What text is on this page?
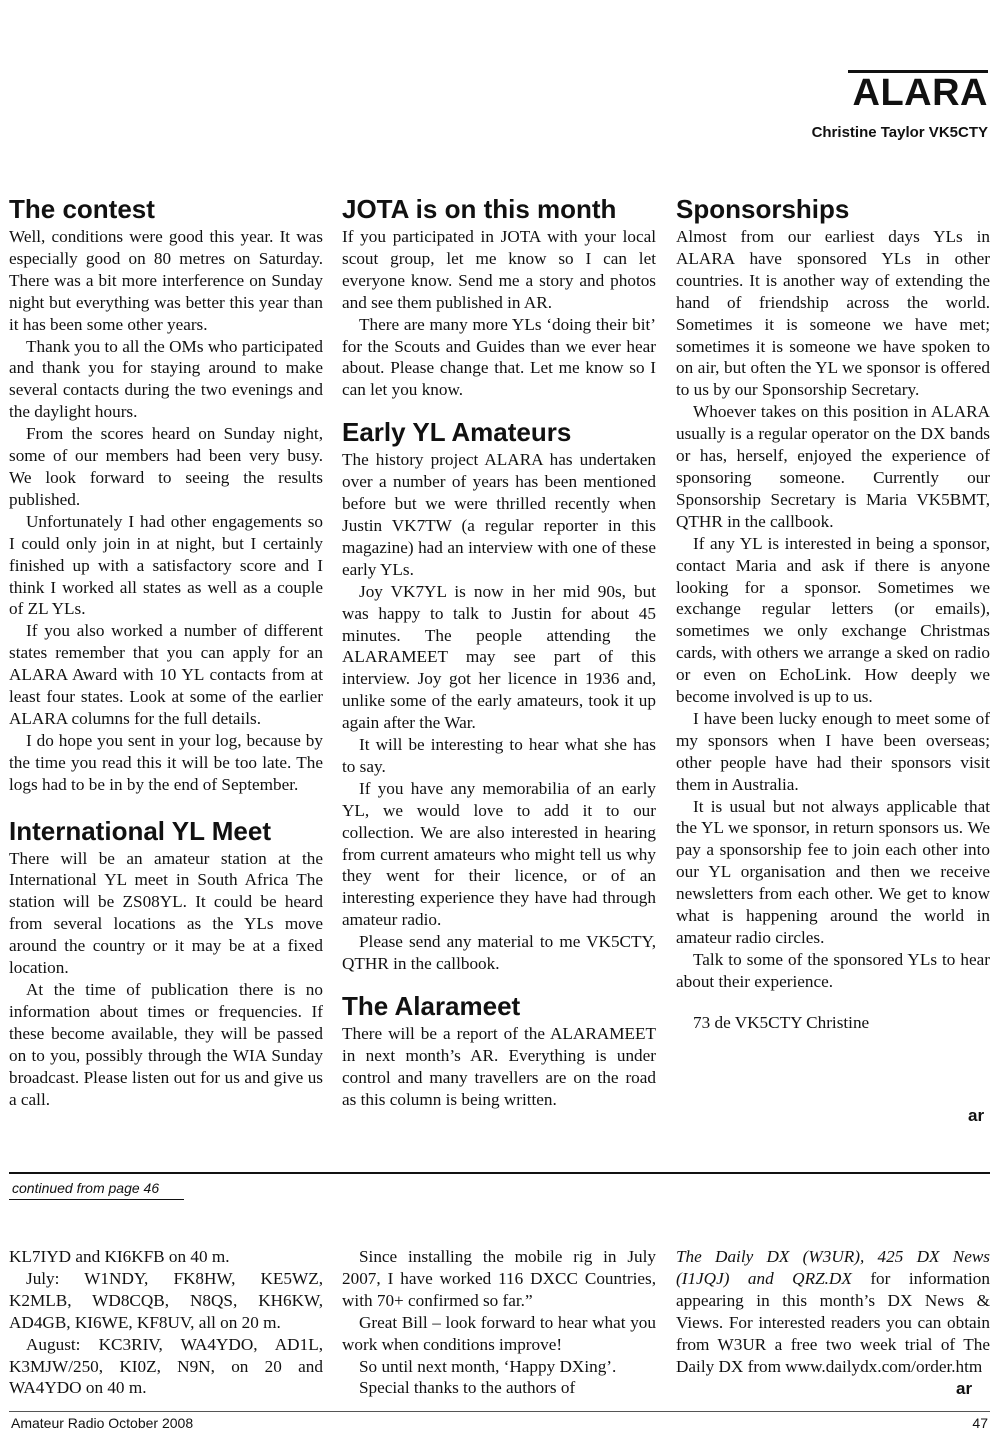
ALARA
Christine Taylor VK5CTY
The contest

Well, conditions were good this year. It was especially good on 80 metres on Saturday. There was a bit more interference on Sunday night but everything was better this year than it has been some other years.

Thank you to all the OMs who participated and thank you for staying around to make several contacts during the two evenings and the daylight hours.

From the scores heard on Sunday night, some of our members had been very busy. We look forward to seeing the results published.

Unfortunately I had other engagements so I could only join in at night, but I certainly finished up with a satisfactory score and I think I worked all states as well as a couple of ZL YLs.

If you also worked a number of different states remember that you can apply for an ALARA Award with 10 YL contacts from at least four states. Look at some of the earlier ALARA columns for the full details.

I do hope you sent in your log, because by the time you read this it will be too late. The logs had to be in by the end of September.

International YL Meet

There will be an amateur station at the International YL meet in South Africa The station will be ZS08YL. It could be heard from several locations as the YLs move around the country or it may be at a fixed location.

At the time of publication there is no information about times or frequencies. If these become available, they will be passed on to you, possibly through the WIA Sunday broadcast. Please listen out for us and give us a call.

JOTA is on this month

If you participated in JOTA with your local scout group, let me know so I can let everyone know. Send me a story and photos and see them published in AR.

There are many more YLs ‘doing their bit’ for the Scouts and Guides than we ever hear about. Please change that. Let me know so I can let you know.

Early YL Amateurs

The history project ALARA has undertaken over a number of years has been mentioned before but we were thrilled recently when Justin VK7TW (a regular reporter in this magazine) had an interview with one of these early YLs.

Joy VK7YL is now in her mid 90s, but was happy to talk to Justin for about 45 minutes. The people attending the ALARAMEET may see part of this interview. Joy got her licence in 1936 and, unlike some of the early amateurs, took it up again after the War.

It will be interesting to hear what she has to say.

If you have any memorabilia of an early YL, we would love to add it to our collection. We are also interested in hearing from current amateurs who might tell us why they went for their licence, or of an interesting experience they have had through amateur radio.

Please send any material to me VK5CTY, QTHR in the callbook.

The Alarameet

There will be a report of the ALARAMEET in next month’s AR. Everything is under control and many travellers are on the road as this column is being written.

Sponsorships

Almost from our earliest days YLs in ALARA have sponsored YLs in other countries. It is another way of extending the hand of friendship across the world. Sometimes it is someone we have met; sometimes it is someone we have spoken to on air, but often the YL we sponsor is offered to us by our Sponsorship Secretary.

Whoever takes on this position in ALARA usually is a regular operator on the DX bands or has, herself, enjoyed the experience of sponsoring someone. Currently our Sponsorship Secretary is Maria VK5BMT, QTHR in the callbook.

If any YL is interested in being a sponsor, contact Maria and ask if there is anyone looking for a sponsor. Sometimes we exchange regular letters (or emails), sometimes we only exchange Christmas cards, with others we arrange a sked on radio or even on EchoLink. How deeply we become involved is up to us.

I have been lucky enough to meet some of my sponsors when I have been overseas; other people have had their sponsors visit them in Australia.

It is usual but not always applicable that the YL we sponsor, in return sponsors us. We pay a sponsorship fee to join each other into our YL organisation and then we receive newsletters from each other. We get to know what is happening around the world in amateur radio circles.

Talk to some of the sponsored YLs to hear about their experience.

73 de VK5CTY Christine

ar
continued from page 46

KL7IYD and KI6KFB on 40 m.

July: W1NDY, FK8HW, KE5WZ, K2MLB, WD8CQB, N8QS, KH6KW, AD4GB, KI6WE, KF8UV, all on 20 m.

August: KC3RIV, WA4YDO, AD1L, K3MJW/250, KI0Z, N9N, on 20 and WA4YDO on 40 m.

Since installing the mobile rig in July 2007, I have worked 116 DXCC Countries, with 70+ confirmed so far.”

Great Bill – look forward to hear what you work when conditions improve!

So until next month, ‘Happy DXing’.

Special thanks to the authors of

The Daily DX (W3UR), 425 DX News (I1JQJ) and QRZ.DX for information appearing in this month’s DX News & Views. For interested readers you can obtain from W3UR a free two week trial of The Daily DX from www.dailydx.com/order.htm

ar
Amateur Radio October 2008	47
